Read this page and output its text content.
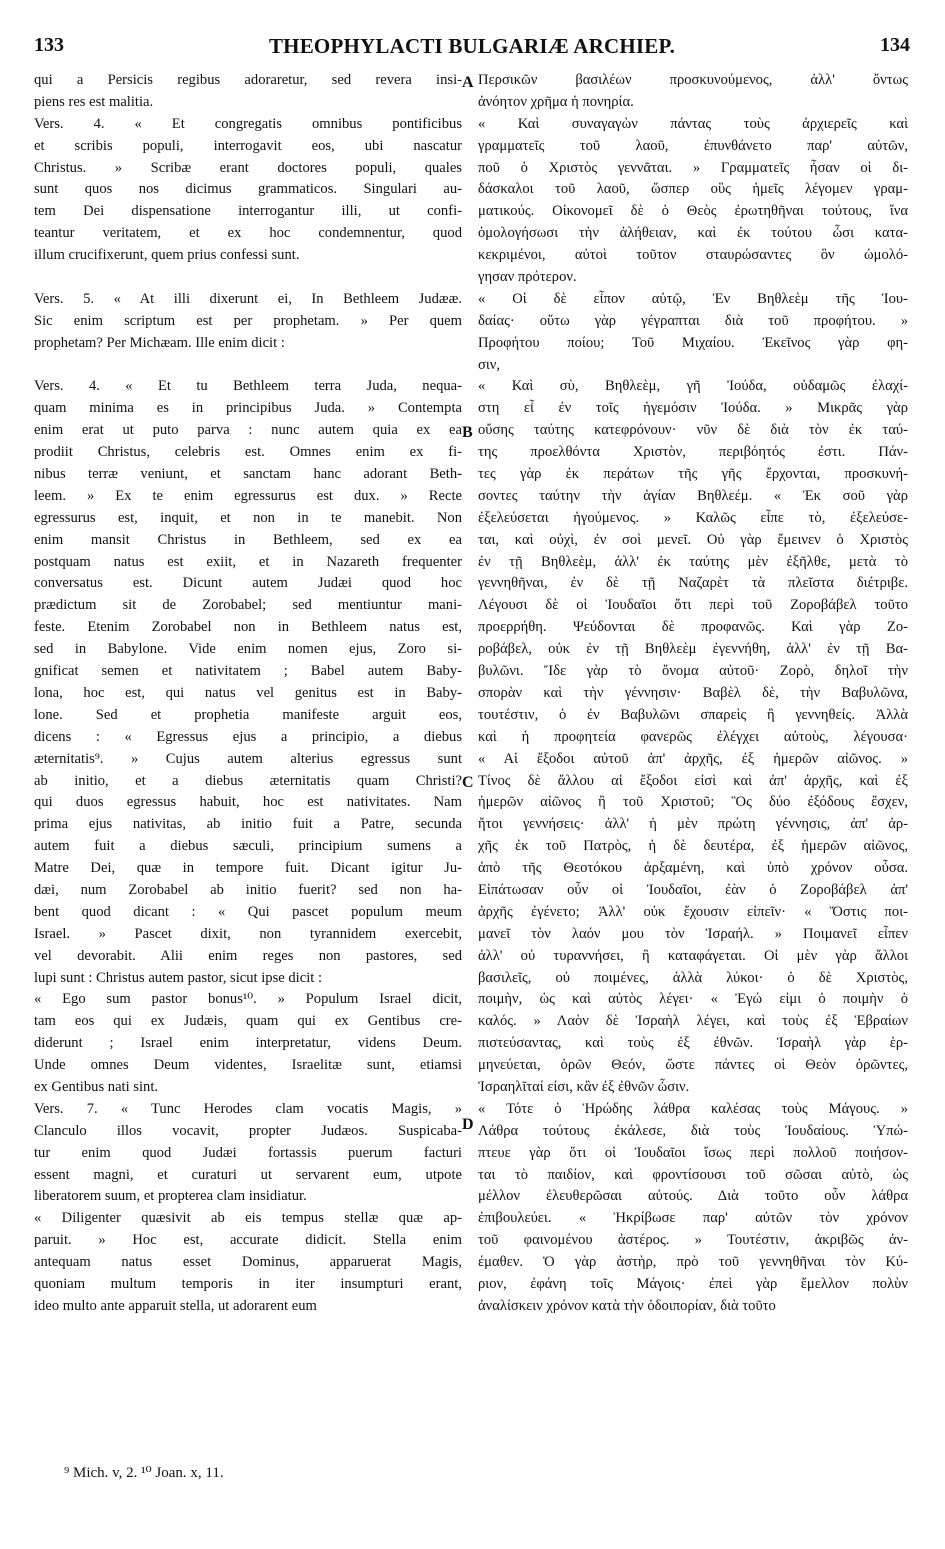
133	THEOPHYLACTI BULGARIÆ ARCHIEP.	134
qui a Persicis regibus adoraretur, sed revera insi-
piens res est malitia.
Vers. 4. « Et congregatis omnibus pontificibus
et scribis populi, interrogavit eos, ubi nascatur
Christus. » Scribæ erant doctores populi, quales
sunt quos nos dicimus grammaticos. Singulari au-
tem Dei dispensatione interrogantur illi, ut confi-
teantur veritatem, et ex hoc condemnentur, quod
illum crucifixerunt, quem prius confessi sunt.
Vers. 5. « At illi dixerunt ei, In Bethleem Judææ.
Sic enim scriptum est per prophetam. » Per quem
prophetam? Per Michæam. Ille enim dicit :
Vers. 4. « Et tu Bethleem terra Juda, nequa-
quam minima es in principibus Juda. » Contempta
enim erat ut puto parva : nunc autem quia ex ea
prodiit Christus, celebris est. Omnes enim ex fi-
nibus terræ veniunt, et sanctam hanc adorant Beth-
leem. » Ex te enim egressurus est dux. » Recte
egressurus est, inquit, et non in te manebit. Non
enim mansit Christus in Bethleem, sed ex ea
postquam natus est exiit, et in Nazareth frequenter
conversatus est. Dicunt autem Judæi quod hoc
prædictum sit de Zorobabel; sed mentiuntur mani-
feste. Etenim Zorobabel non in Bethleem natus est,
sed in Babylone. Vide enim nomen ejus, Zoro si-
gnificat semen et nativitatem ; Babel autem Baby-
lona, hoc est, qui natus vel genitus est in Baby-
lone. Sed et prophetia manifeste arguit eos,
dicens : « Egressus ejus a principio, a diebus
æternitatis⁹. » Cujus autem alterius egressus sunt
ab initio, et a diebus æternitatis quam Christi?
qui duos egressus habuit, hoc est nativitates. Nam
prima ejus nativitas, ab initio fuit a Patre, secunda
autem fuit a diebus sæculi, principium sumens a
Matre Dei, quæ in tempore fuit. Dicant igitur Ju-
dæi, num Zorobabel ab initio fuerit? sed non ha-
bent quod dicant : « Qui pascet populum meum
Israel. » Pascet dixit, non tyrannidem exercebit,
vel devorabit. Alii enim reges non pastores, sed
lupi sunt : Christus autem pastor, sicut ipse dicit :
« Ego sum pastor bonus¹⁰. » Populum Israel dicit,
tam eos qui ex Judæis, quam qui ex Gentibus cre-
diderunt ; Israel enim interpretatur, videns Deum.
Unde omnes Deum videntes, Israelitæ sunt, etiamsi
ex Gentibus nati sint.
Vers. 7. « Tunc Herodes clam vocatis Magis, »
Clanculo illos vocavit, propter Judæos. Suspicaba-
tur enim quod Judæi fortassis puerum facturi
essent magni, et curaturi ut servarent eum, utpote
liberatorem suum, et propterea clam insidiatur.
« Diligenter quæsivit ab eis tempus stellæ quæ ap-
paruit. » Hoc est, accurate didicit. Stella enim
antequam natus esset Dominus, apparuerat Magis,
quoniam multum temporis in iter insumpturi erant,
ideo multo ante apparuit stella, ut adorarent eum
Περσικῶν βασιλέων προσκυνούμενος, ἀλλ' ὄντως
ἀνόητον χρῆμα ἡ πονηρία.
« Καὶ συναγαγὼν πάντας τοὺς ἀρχιερεῖς καὶ
γραμματεῖς τοῦ λαοῦ, ἐπυνθάνετο παρ' αὐτῶν,
ποῦ ὁ Χριστὸς γεννᾶται. » Γραμματεῖς ἦσαν οἱ δι-
δάσκαλοι τοῦ λαοῦ, ὥσπερ οὓς ἡμεῖς λέγομεν γραμ-
ματικούς. Οἰκονομεῖ δὲ ὁ Θεὸς ἐρωτηθῆναι τούτους, ἵνα
ὁμολογήσωσι τὴν ἀλήθειαν, καὶ ἐκ τούτου ὦσι κατα-
κεκριμένοι, αὐτοὶ τοῦτον σταυρώσαντες ὃν ὡμολό-
γησαν πρότερον.
« Οἱ δὲ εἶπον αὐτῷ, Ἐν Βηθλεὲμ τῆς Ἰου-
δαίας· οὕτω γὰρ γέγραπται διὰ τοῦ προφήτου. »
Προφήτου ποίου; Τοῦ Μιχαίου. Ἐκεῖνος γὰρ φη-
σιν,
« Καὶ σὺ, Βηθλεὲμ, γῆ Ἰούδα, οὐδαμῶς ἐλαχί-
στη εἶ ἐν τοῖς ἡγεμόσιν Ἰούδα. » Μικρᾶς γὰρ
οὔσης ταύτης κατεφρόνουν· νῦν δὲ διὰ τὸν ἐκ ταύ-
της προελθόντα Χριστὸν, περιβόητός ἐστι. Πάν-
τες γὰρ ἐκ περάτων τῆς γῆς ἔρχονται, προσκυνή-
σοντες ταύτην τὴν ἁγίαν Βηθλεέμ. « Ἐκ σοῦ γὰρ
ἐξελεύσεται ἡγούμενος. » Καλῶς εἶπε τὸ, ἐξελεύσε-
ται, καὶ οὐχὶ, ἐν σοὶ μενεῖ. Οὐ γὰρ ἔμεινεν ὁ Χριστὸς
ἐν τῇ Βηθλεὲμ, ἀλλ' ἐκ ταύτης μὲν ἐξῆλθε, μετὰ τὸ
γεννηθῆναι, ἐν δὲ τῇ Ναζαρὲτ τὰ πλεῖστα διέτριβε.
Λέγουσι δὲ οἱ Ἰουδαῖοι ὅτι περὶ τοῦ Ζοροβάβελ τοῦτο
προερρήθη. Ψεύδονται δὲ προφανῶς. Καὶ γὰρ Ζο-
ροβάβελ, οὐκ ἐν τῇ Βηθλεὲμ ἐγεννήθη, ἀλλ' ἐν τῇ Βα-
βυλῶνι. Ἴδε γὰρ τὸ ὄνομα αὐτοῦ· Ζορὸ, δηλοῖ τὴν
σπορὰν καὶ τὴν γέννησιν· Βαβὲλ δὲ, τὴν Βαβυλῶνα,
τουτέστιν, ὁ ἐν Βαβυλῶνι σπαρεὶς ἢ γεννηθείς. Ἀλλὰ
καὶ ἡ προφητεία φανερῶς ἐλέγχει αὐτοὺς, λέγουσα·
« Αἱ ἔξοδοι αὐτοῦ ἀπ' ἀρχῆς, ἐξ ἡμερῶν αἰῶνος. »
Τίνος δὲ ἄλλου αἱ ἔξοδοι εἰσὶ καὶ ἀπ' ἀρχῆς, καὶ ἐξ
ἡμερῶν αἰῶνος ἢ τοῦ Χριστοῦ; Ὃς δύο ἐξόδους ἔσχεν,
ἤτοι γεννήσεις· ἀλλ' ἡ μὲν πρώτη γέννησις, ἀπ' ἀρ-
χῆς ἐκ τοῦ Πατρὸς, ἡ δὲ δευτέρα, ἐξ ἡμερῶν αἰῶνος,
ἀπὸ τῆς Θεοτόκου ἀρξαμένη, καὶ ὑπὸ χρόνον οὖσα.
Εἰπάτωσαν οὖν οἱ Ἰουδαῖοι, ἐὰν ὁ Ζοροβάβελ ἀπ'
ἀρχῆς ἐγένετο; Ἀλλ' οὐκ ἔχουσιν εἰπεῖν· « Ὅστις ποι-
μανεῖ τὸν λαόν μου τὸν Ἰσραήλ. » Ποιμανεῖ εἶπεν
ἀλλ' οὐ τυραννήσει, ἢ καταφάγεται. Οἱ μὲν γὰρ ἄλλοι
βασιλεῖς, οὐ ποιμένες, ἀλλὰ λύκοι· ὁ δὲ Χριστὸς,
ποιμὴν, ὡς καὶ αὐτὸς λέγει· « Ἐγώ εἰμι ὁ ποιμὴν ὁ
καλός. » Λαὸν δὲ Ἰσραὴλ λέγει, καὶ τοὺς ἐξ Ἑβραίων
πιστεύσαντας, καὶ τοὺς ἐξ ἐθνῶν. Ἰσραὴλ γὰρ ἑρ-
μηνεύεται, ὁρῶν Θεόν, ὥστε πάντες οἱ Θεὸν ὁρῶντες,
Ἰσραηλῖταί εἰσι, κἂν ἐξ ἐθνῶν ὦσιν.
« Τότε ὁ Ἡρώδης λάθρα καλέσας τοὺς Μάγους. »
Λάθρα τούτους ἐκάλεσε, διὰ τοὺς Ἰουδαίους. Ὑπώ-
πτευε γὰρ ὅτι οἱ Ἰουδαῖοι ἴσως περὶ πολλοῦ ποιήσον-
ται τὸ παιδίον, καὶ φροντίσουσι τοῦ σῶσαι αὐτὸ, ὡς
μέλλον ἐλευθερῶσαι αὐτούς. Διὰ τοῦτο οὖν λάθρα
ἐπιβουλεύει. « Ἠκρίβωσε παρ' αὐτῶν τὸν χρόνον
τοῦ φαινομένου ἀστέρος. » Τουτέστιν, ἀκριβῶς ἀν-
έμαθεν. Ὁ γὰρ ἀστὴρ, πρὸ τοῦ γεννηθῆναι τὸν Κύ-
ριον, ἐφάνη τοῖς Μάγοις· ἐπεὶ γὰρ ἔμελλον πολὺν
ἀναλίσκειν χρόνον κατὰ τὴν ὁδοιπορίαν, διὰ τοῦτο
A
B
C
D
⁹ Mich. v, 2. ¹⁰ Joan. x, 11.
